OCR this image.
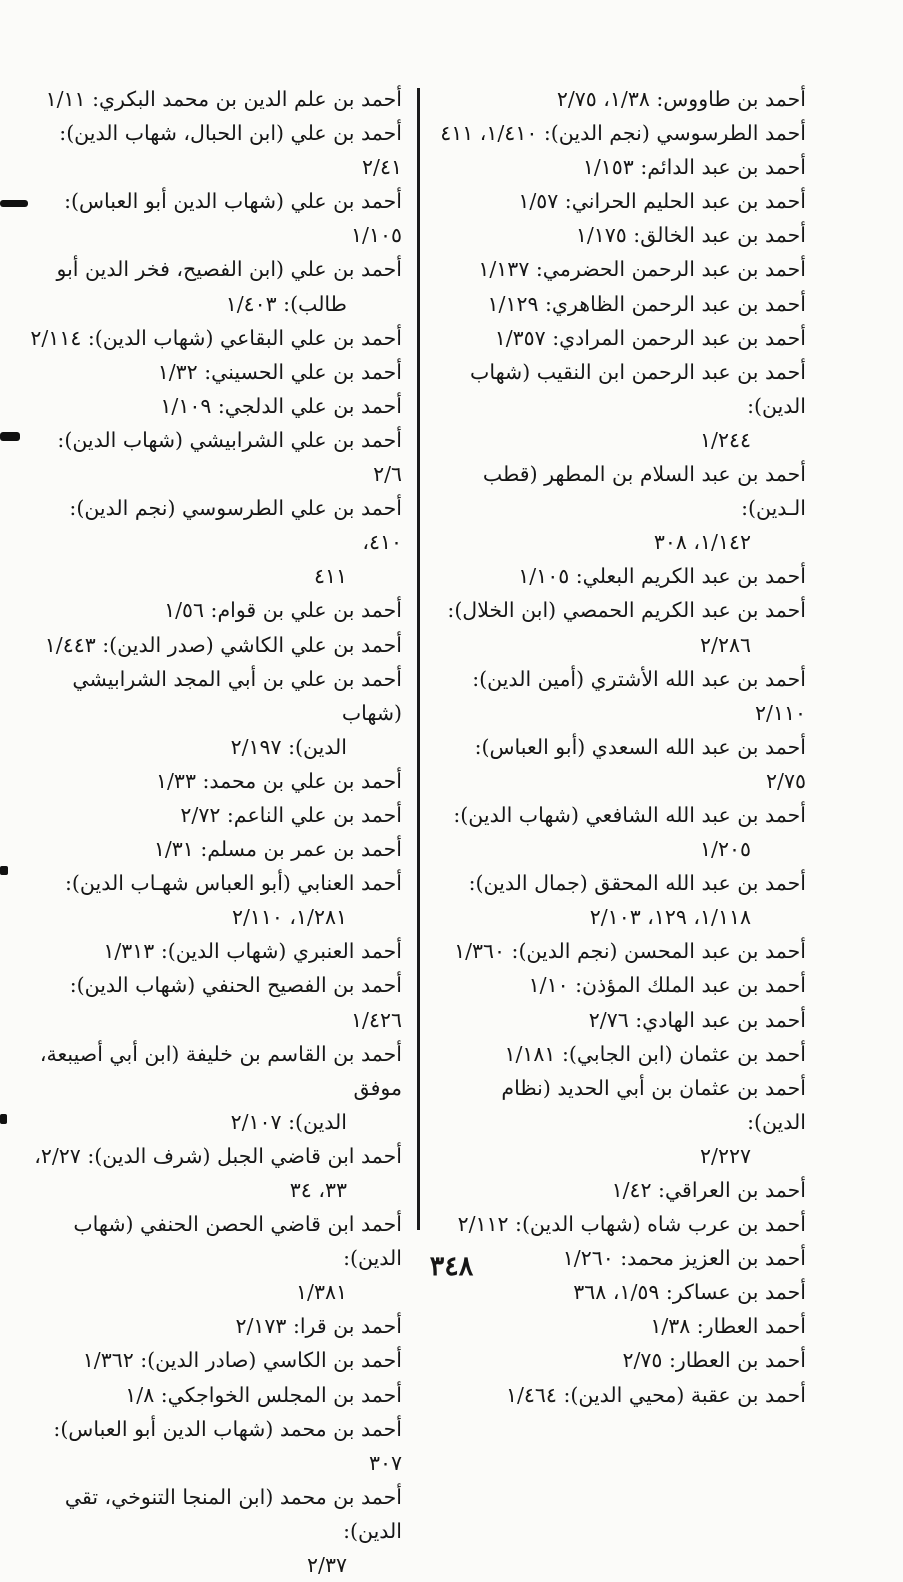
أحمد بن طاووس: ١/٣٨، ٢/٧٥
أحمد الطرسوسي (نجم الدين): ١/٤١٠، ٤١١
أحمد بن عبد الدائم: ١/١٥٣
أحمد بن عبد الحليم الحراني: ١/٥٧
أحمد بن عبد الخالق: ١/١٧٥
أحمد بن عبد الرحمن الحضرمي: ١/١٣٧
أحمد بن عبد الرحمن الظاهري: ١/١٢٩
أحمد بن عبد الرحمن المرادي: ١/٣٥٧
أحمد بن عبد الرحمن ابن النقيب (شهاب الدين):
١/٢٤٤
أحمد بن عبد السلام بن المطهر (قطب الـدين):
١/١٤٢، ٣٠٨
أحمد بن عبد الكريم البعلي: ١/١٠٥
أحمد بن عبد الكريم الحمصي (ابن الخلال):
٢/٢٨٦
أحمد بن عبد الله الأشتري (أمين الدين): ٢/١١٠
أحمد بن عبد الله السعدي (أبو العباس): ٢/٧٥
أحمد بن عبد الله الشافعي (شهاب الدين):
١/٢٠٥
أحمد بن عبد الله المحقق (جمال الدين):
١/١١٨، ١٢٩، ٢/١٠٣
أحمد بن عبد المحسن (نجم الدين): ١/٣٦٠
أحمد بن عبد الملك المؤذن: ١/١٠
أحمد بن عبد الهادي: ٢/٧٦
أحمد بن عثمان (ابن الجابي): ١/١٨١
أحمد بن عثمان بن أبي الحديد (نظام الدين):
٢/٢٢٧
أحمد بن العراقي: ١/٤٢
أحمد بن عرب شاه (شهاب الدين): ٢/١١٢
أحمد بن العزيز محمد: ١/٢٦٠
أحمد بن عساكر: ١/٥٩، ٣٦٨
أحمد العطار: ١/٣٨
أحمد بن العطار: ٢/٧٥
أحمد بن عقبة (محيي الدين): ١/٤٦٤
أحمد بن علم الدين بن محمد البكري: ١/١١
أحمد بن علي (ابن الحبال، شهاب الدين): ٢/٤١
أحمد بن علي (شهاب الدين أبو العباس): ١/١٠٥
أحمد بن علي (ابن الفصيح، فخر الدين أبو
طالب): ١/٤٠٣
أحمد بن علي البقاعي (شهاب الدين): ٢/١١٤
أحمد بن علي الحسيني: ١/٣٢
أحمد بن علي الدلجي: ١/١٠٩
أحمد بن علي الشرابيشي (شهاب الدين): ٢/٦
أحمد بن علي الطرسوسي (نجم الدين): ٤١٠،
٤١١
أحمد بن علي بن قوام: ١/٥٦
أحمد بن علي الكاشي (صدر الدين): ١/٤٤٣
أحمد بن علي بن أبي المجد الشرابيشي (شهاب
الدين): ٢/١٩٧
أحمد بن علي بن محمد: ١/٣٣
أحمد بن علي الناعم: ٢/٧٢
أحمد بن عمر بن مسلم: ١/٣١
أحمد العنابي (أبو العباس شهـاب الدين):
١/٢٨١، ٢/١١٠
أحمد العنبري (شهاب الدين): ١/٣١٣
أحمد بن الفصيح الحنفي (شهاب الدين): ١/٤٢٦
أحمد بن القاسم بن خليفة (ابن أبي أصيبعة، موفق
الدين): ٢/١٠٧
أحمد ابن قاضي الجبل (شرف الدين): ٢/٢٧،
٣٣، ٣٤
أحمد ابن قاضي الحصن الحنفي (شهاب الدين):
١/٣٨١
أحمد بن قرا: ٢/١٧٣
أحمد بن الكاسي (صادر الدين): ١/٣٦٢
أحمد بن المجلس الخواجكي: ١/٨
أحمد بن محمد (شهاب الدين أبو العباس): ٣٠٧
أحمد بن محمد (ابن المنجا التنوخي، تقي الدين):
٢/٣٧
٣٤٨
